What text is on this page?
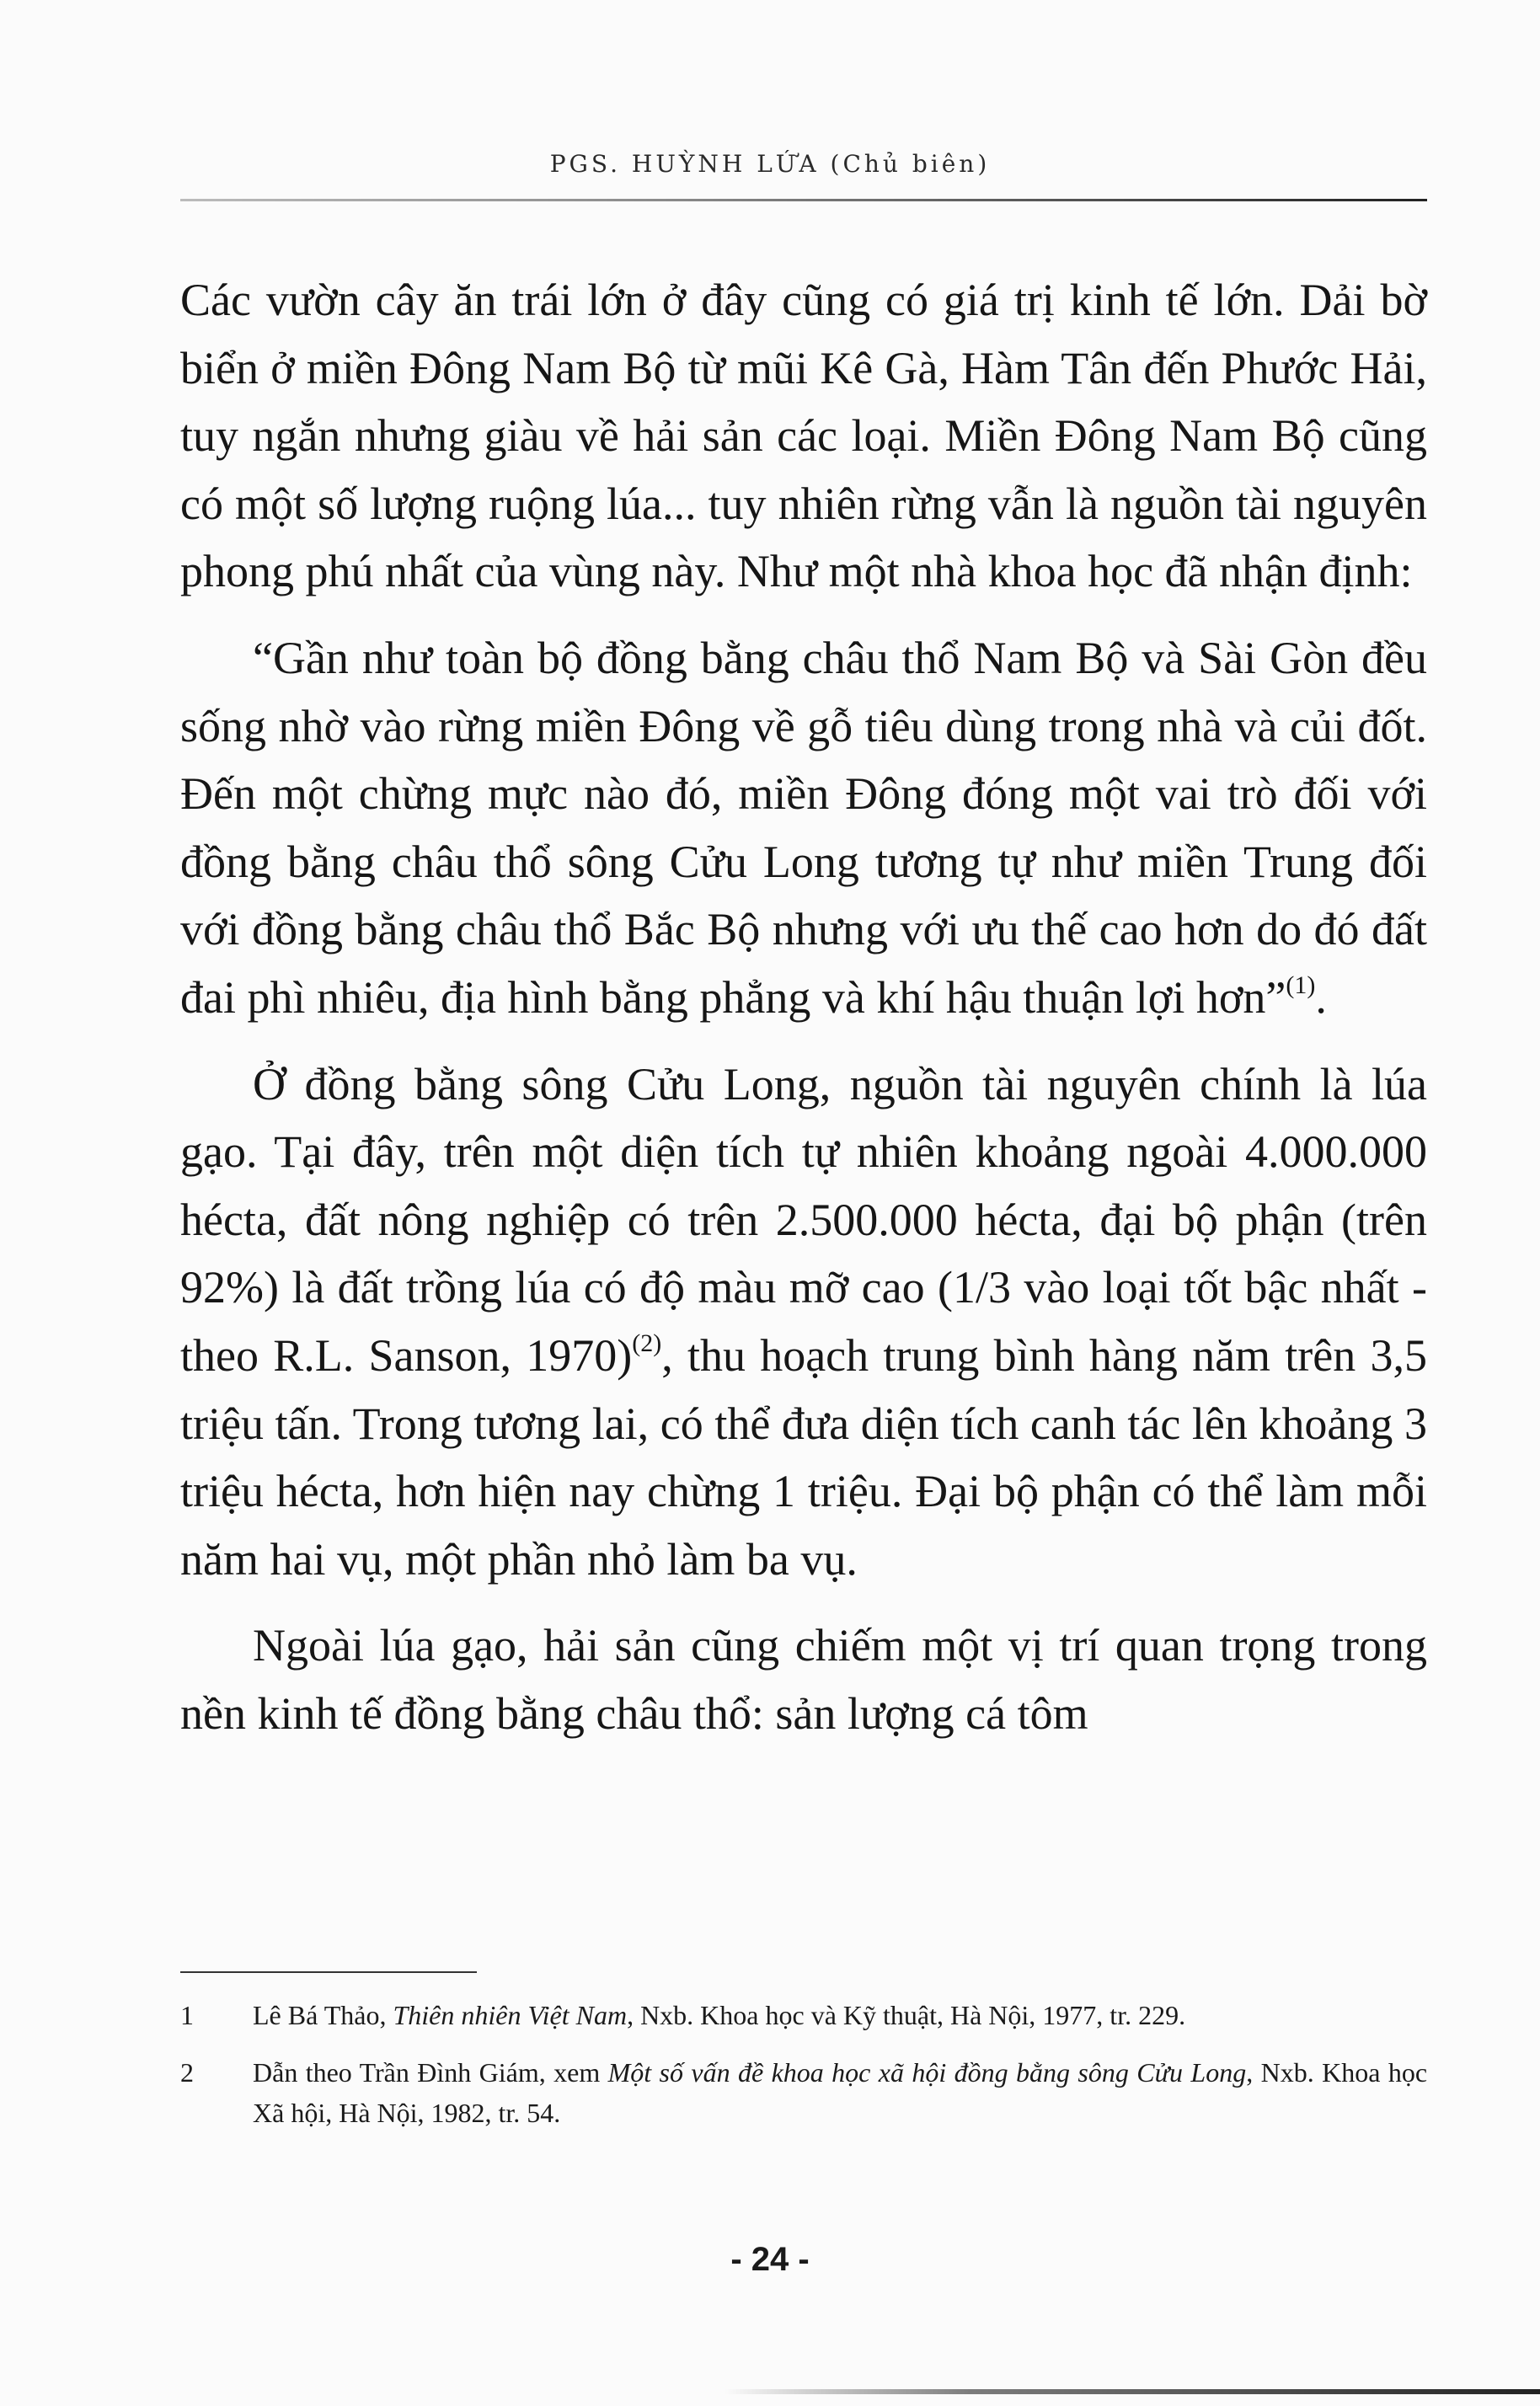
PGS. HUỲNH LỨA (Chủ biên)

Các vườn cây ăn trái lớn ở đây cũng có giá trị kinh tế lớn. Dải bờ biển ở miền Đông Nam Bộ từ mũi Kê Gà, Hàm Tân đến Phước Hải, tuy ngắn nhưng giàu về hải sản các loại. Miền Đông Nam Bộ cũng có một số lượng ruộng lúa... tuy nhiên rừng vẫn là nguồn tài nguyên phong phú nhất của vùng này. Như một nhà khoa học đã nhận định:

“Gần như toàn bộ đồng bằng châu thổ Nam Bộ và Sài Gòn đều sống nhờ vào rừng miền Đông về gỗ tiêu dùng trong nhà và củi đốt. Đến một chừng mực nào đó, miền Đông đóng một vai trò đối với đồng bằng châu thổ sông Cửu Long tương tự như miền Trung đối với đồng bằng châu thổ Bắc Bộ nhưng với ưu thế cao hơn do đó đất đai phì nhiêu, địa hình bằng phẳng và khí hậu thuận lợi hơn”$^{(1)}$.

Ở đồng bằng sông Cửu Long, nguồn tài nguyên chính là lúa gạo. Tại đây, trên một diện tích tự nhiên khoảng ngoài 4.000.000 hécta, đất nông nghiệp có trên 2.500.000 hécta, đại bộ phận (trên 92%) là đất trồng lúa có độ màu mỡ cao (1/3 vào loại tốt bậc nhất - theo R.L. Sanson, 1970)$^{(2)}$, thu hoạch trung bình hàng năm trên 3,5 triệu tấn. Trong tương lai, có thể đưa diện tích canh tác lên khoảng 3 triệu hécta, hơn hiện nay chừng 1 triệu. Đại bộ phận có thể làm mỗi năm hai vụ, một phần nhỏ làm ba vụ.

Ngoài lúa gạo, hải sản cũng chiếm một vị trí quan trọng trong nền kinh tế đồng bằng châu thổ: sản lượng cá tôm

1	Lê Bá Thảo, Thiên nhiên Việt Nam, Nxb. Khoa học và Kỹ thuật, Hà Nội, 1977, tr. 229.
2	Dẫn theo Trần Đình Giám, xem Một số vấn đề khoa học xã hội đồng bằng sông Cửu Long, Nxb. Khoa học Xã hội, Hà Nội, 1982, tr. 54.
- 24 -
